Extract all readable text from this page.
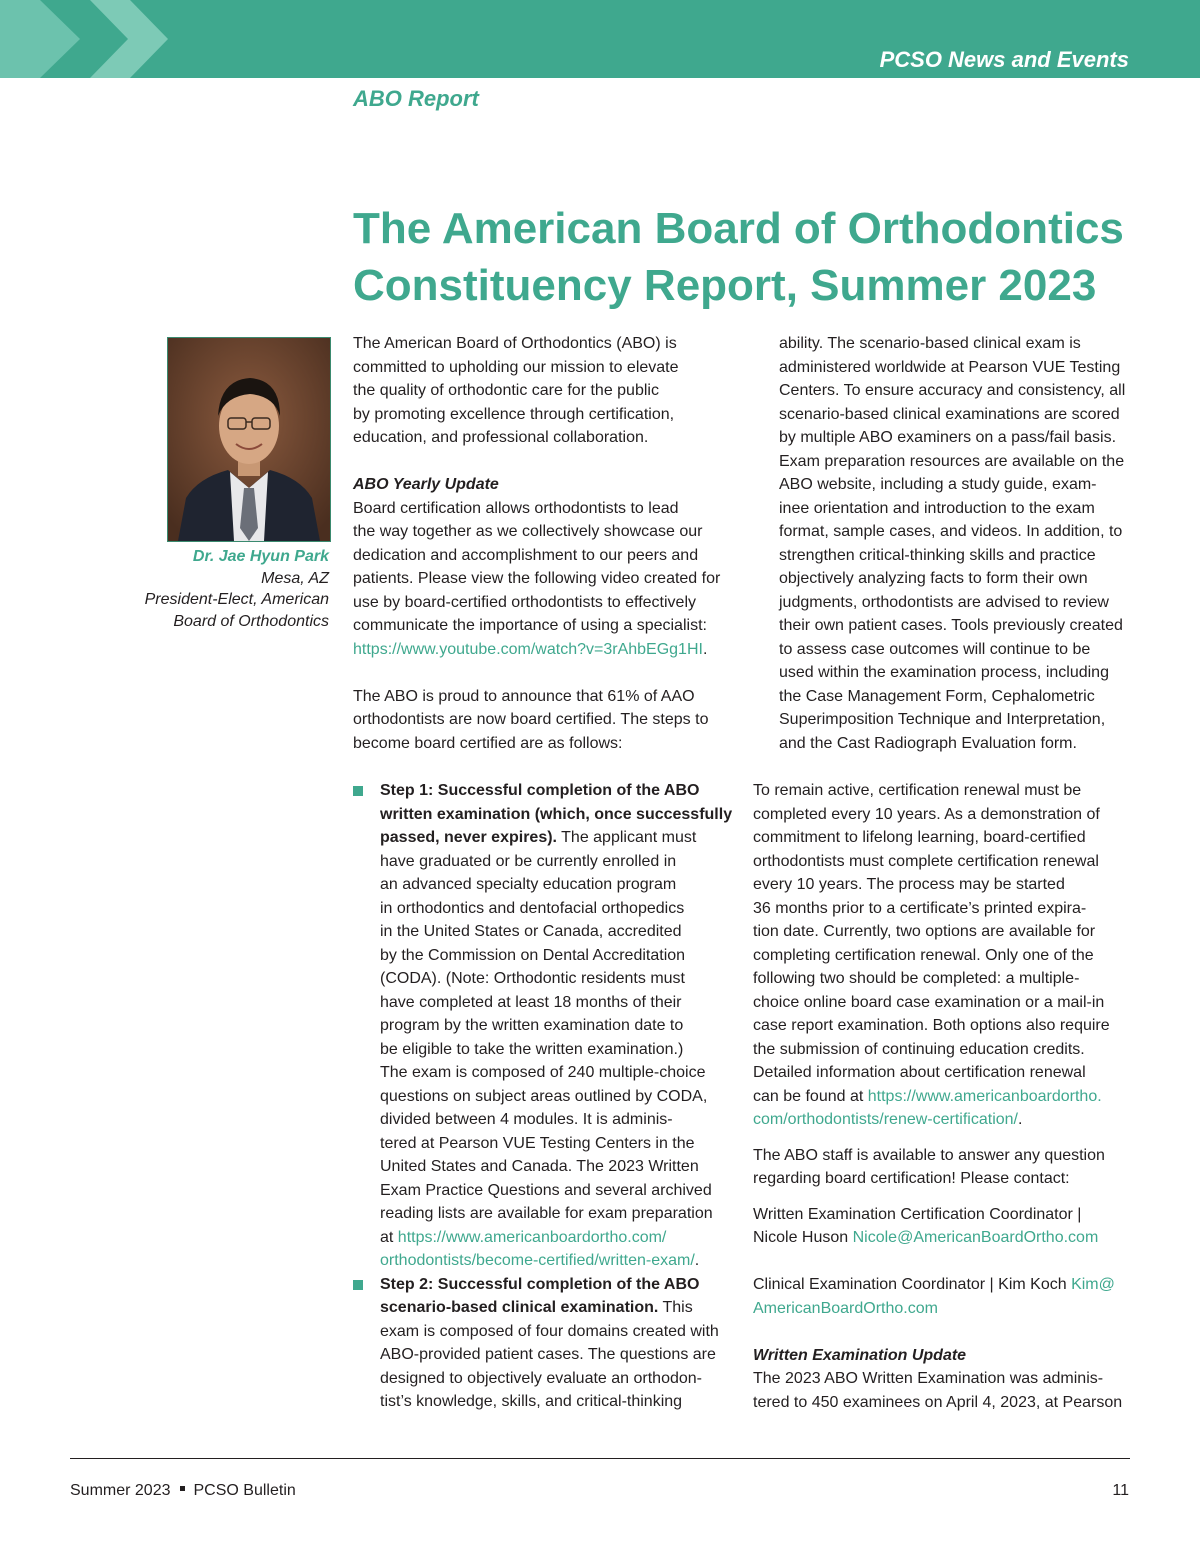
PCSO News and Events
ABO Report
The American Board of Orthodontics
Constituency Report, Summer 2023
Dr. Jae Hyun Park
Mesa, AZ
President-Elect, American
Board of Orthodontics
The American Board of Orthodontics (ABO) is
committed to upholding our mission to elevate
the quality of orthodontic care for the public
by promoting excellence through certification,
education, and professional collaboration.
ABO Yearly Update
Board certification allows orthodontists to lead
the way together as we collectively showcase our
dedication and accomplishment to our peers and
patients. Please view the following video created for
use by board-certified orthodontists to effectively
communicate the importance of using a specialist:
https://www.youtube.com/watch?v=3rAhbEGg1HI.
The ABO is proud to announce that 61% of AAO
orthodontists are now board certified. The steps to
become board certified are as follows:
ability. The scenario-based clinical exam is
administered worldwide at Pearson VUE Testing
Centers. To ensure accuracy and consistency, all
scenario-based clinical examinations are scored
by multiple ABO examiners on a pass/fail basis.
Exam preparation resources are available on the
ABO website, including a study guide, exam-
inee orientation and introduction to the exam
format, sample cases, and videos. In addition, to
strengthen critical-thinking skills and practice
objectively analyzing facts to form their own
judgments, orthodontists are advised to review
their own patient cases. Tools previously created
to assess case outcomes will continue to be
used within the examination process, including
the Case Management Form, Cephalometric
Superimposition Technique and Interpretation,
and the Cast Radiograph Evaluation form.
Step 1: Successful completion of the ABO
written examination (which, once successfully
passed, never expires). The applicant must
have graduated or be currently enrolled in
an advanced specialty education program
in orthodontics and dentofacial orthopedics
in the United States or Canada, accredited
by the Commission on Dental Accreditation
(CODA). (Note: Orthodontic residents must
have completed at least 18 months of their
program by the written examination date to
be eligible to take the written examination.)
The exam is composed of 240 multiple-choice
questions on subject areas outlined by CODA,
divided between 4 modules. It is adminis-
tered at Pearson VUE Testing Centers in the
United States and Canada. The 2023 Written
Exam Practice Questions and several archived
reading lists are available for exam preparation
at https://www.americanboardortho.com/
orthodontists/become-certified/written-exam/.
Step 2: Successful completion of the ABO
scenario-based clinical examination. This
exam is composed of four domains created with
ABO-provided patient cases. The questions are
designed to objectively evaluate an orthodon-
tist’s knowledge, skills, and critical-thinking
To remain active, certification renewal must be
completed every 10 years. As a demonstration of
commitment to lifelong learning, board-certified
orthodontists must complete certification renewal
every 10 years. The process may be started
36 months prior to a certificate’s printed expira-
tion date. Currently, two options are available for
completing certification renewal. Only one of the
following two should be completed: a multiple-
choice online board case examination or a mail-in
case report examination. Both options also require
the submission of continuing education credits.
Detailed information about certification renewal
can be found at https://www.americanboardortho.
com/orthodontists/renew-certification/.
The ABO staff is available to answer any question
regarding board certification! Please contact:
Written Examination Certification Coordinator |
Nicole Huson Nicole@AmericanBoardOrtho.com
Clinical Examination Coordinator | Kim Koch Kim@
AmericanBoardOrtho.com
Written Examination Update
The 2023 ABO Written Examination was adminis-
tered to 450 examinees on April 4, 2023, at Pearson
Summer 2023 PCSO Bulletin	11
